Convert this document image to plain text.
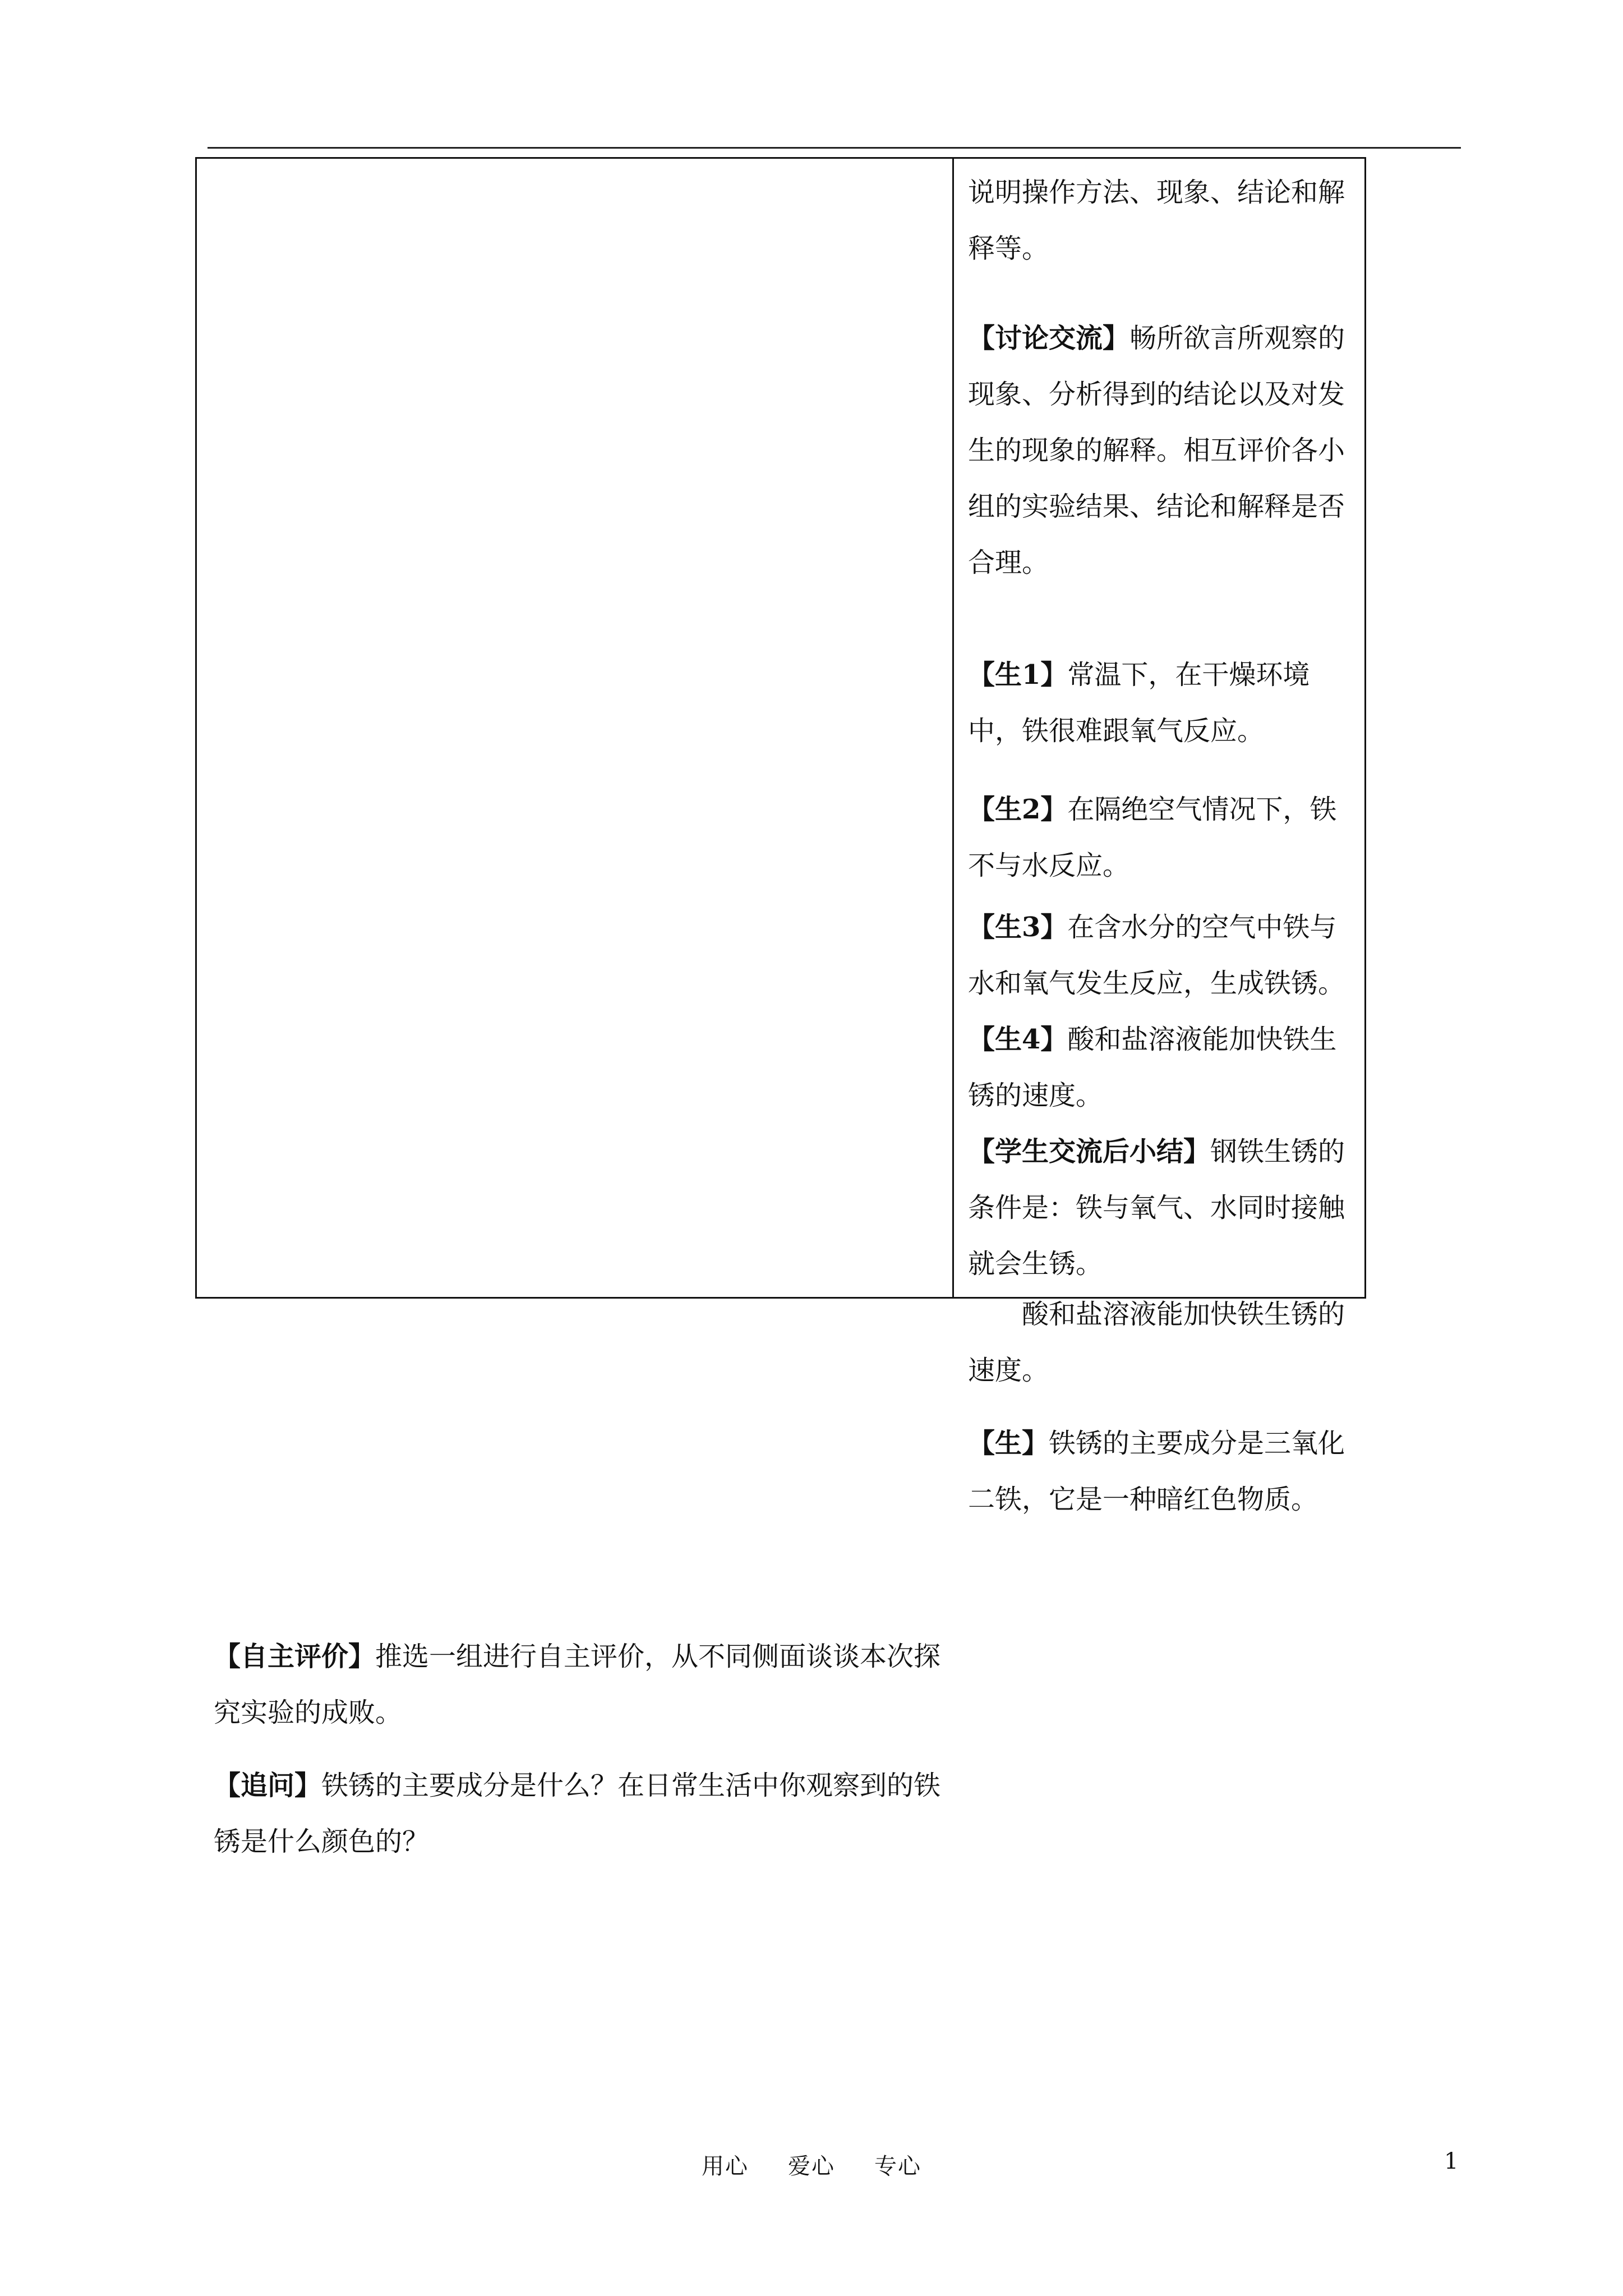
说明操作方法、现象、结论和解释等。

【讨论交流】畅所欲言所观察的现象、分析得到的结论以及对发生的现象的解释。相互评价各小组的实验结果、结论和解释是否合理。

【生1】常温下，在干燥环境中，铁很难跟氧气反应。

【生2】在隔绝空气情况下，铁不与水反应。

【生3】在含水分的空气中铁与水和氧气发生反应，生成铁锈。

【生4】酸和盐溶液能加快铁生锈的速度。

【学生交流后小结】钢铁生锈的条件是：铁与氧气、水同时接触就会生锈。

　　酸和盐溶液能加快铁生锈的速度。

【生】铁锈的主要成分是三氧化二铁，它是一种暗红色物质。

【自主评价】推选一组进行自主评价，从不同侧面谈谈本次探究实验的成败。

【追问】铁锈的主要成分是什么？在日常生活中你观察到的铁锈是什么颜色的？

用心 爱心 专心	1
